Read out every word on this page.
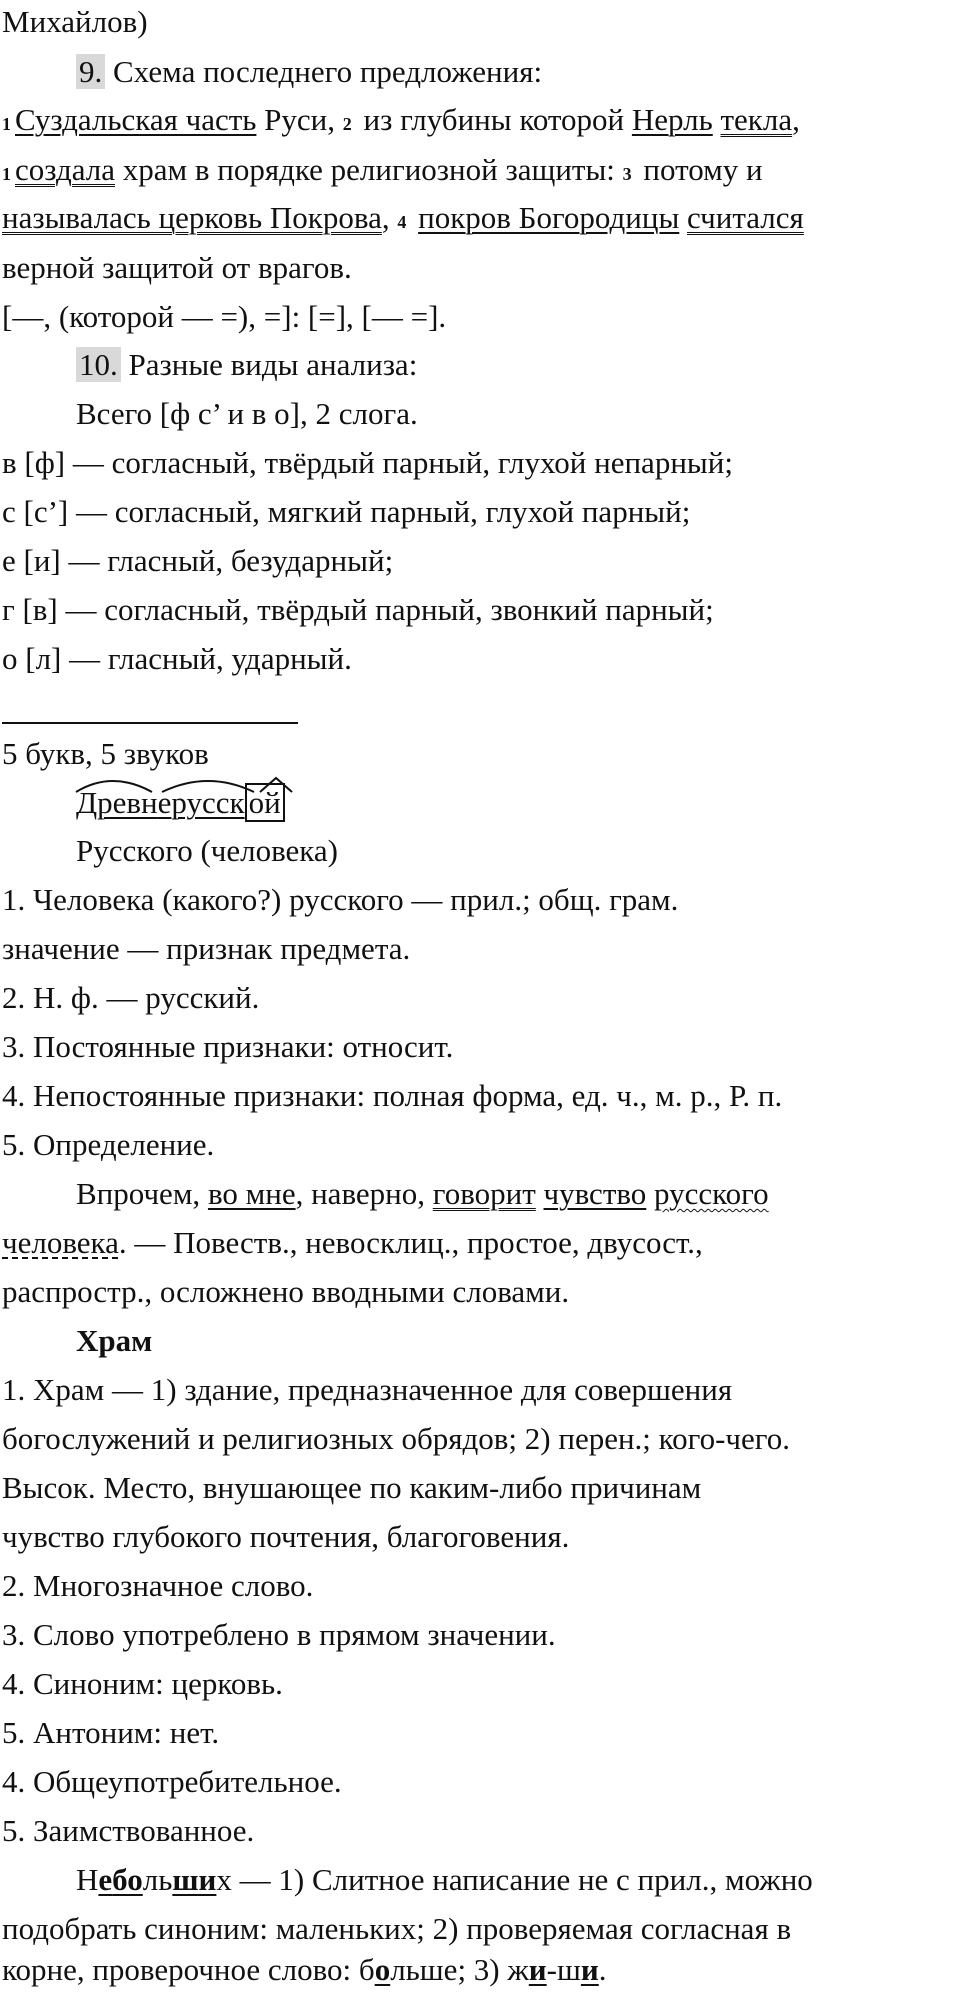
Михайлов)
9. Схема последнего предложения:
1 Суздальская часть Руси, 2 из глубины которой Нерль текла,
1 создала храм в порядке религиозной защиты: 3 потому и
называлась церковь Покрова, 4 покров Богородицы считался
верной защитой от врагов.
[—, (которой — =), =]: [=], [— =].
10. Разные виды анализа:
Всего [ф с’ и в о], 2 слога.
в [ф] — согласный, твёрдый парный, глухой непарный;
с [с’] — согласный, мягкий парный, глухой парный;
е [и] — гласный, безударный;
г [в] — согласный, твёрдый парный, звонкий парный;
о [л] — гласный, ударный.
5 букв, 5 звуков
Древнерусск ой
Русского (человека)
1. Человека (какого?) русского — прил.; общ. грам.
значение — признак предмета.
2. Н. ф. — русский.
3. Постоянные признаки: относит.
4. Непостоянные признаки: полная форма, ед. ч., м. р., Р. п.
5. Определение.
Впрочем, во мне, наверно, говорит чувство русского
человека. — Повеств., невосклиц., простое, двусост.,
распростр., осложнено вводными словами.
Храм
1. Храм — 1) здание, предназначенное для совершения
богослужений и религиозных обрядов; 2) перен.; кого-чего.
Высок. Место, внушающее по каким-либо причинам
чувство глубокого почтения, благоговения.
2. Многозначное слово.
3. Слово употреблено в прямом значении.
4. Синоним: церковь.
5. Антоним: нет.
4. Общеупотребительное.
5. Заимствованное.
Небольших — 1) Слитное написание не с прил., можно
подобрать синоним: маленьких; 2) проверяемая согласная в
корне, проверочное слово: больше; 3) жи-ши.
